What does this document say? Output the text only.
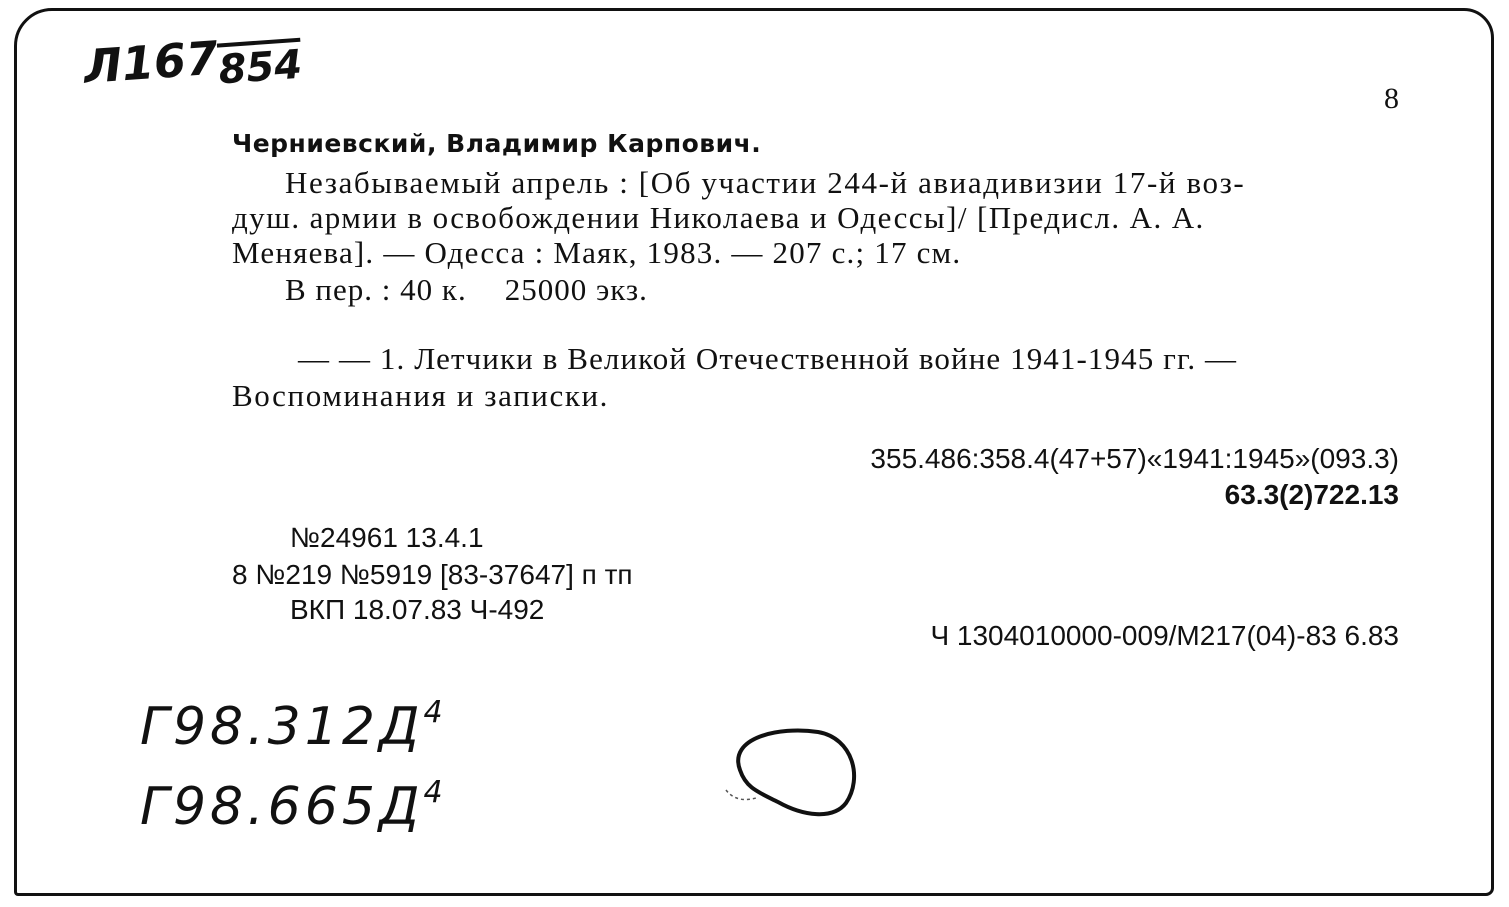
$Л167_{854}$
8
Черниевский, Владимир Карпович.
Незабываемый апрель : [Об участии 244-й авиадивизии 17-й воз-
душ. армии в освобождении Николаева и Одессы]/ [Предисл. А. А.
Меняева]. — Одесса : Маяк, 1983. — 207 с.; 17 см.
В пер. : 40 к. 25000 экз.
— — 1. Летчики в Великой Отечественной войне 1941-1945 гг. —
Воспоминания и записки.
355.486:358.4(47+57)«1941:1945»(093.3)
63.3(2)722.13
№24961 13.4.1
8 №219 №5919 [83-37647] п тп
ВКП 18.07.83 Ч-492
Ч 1304010000-009/М217(04)-83 6.83
$Г98.312Д^4$
$Г98.665Д^4$
